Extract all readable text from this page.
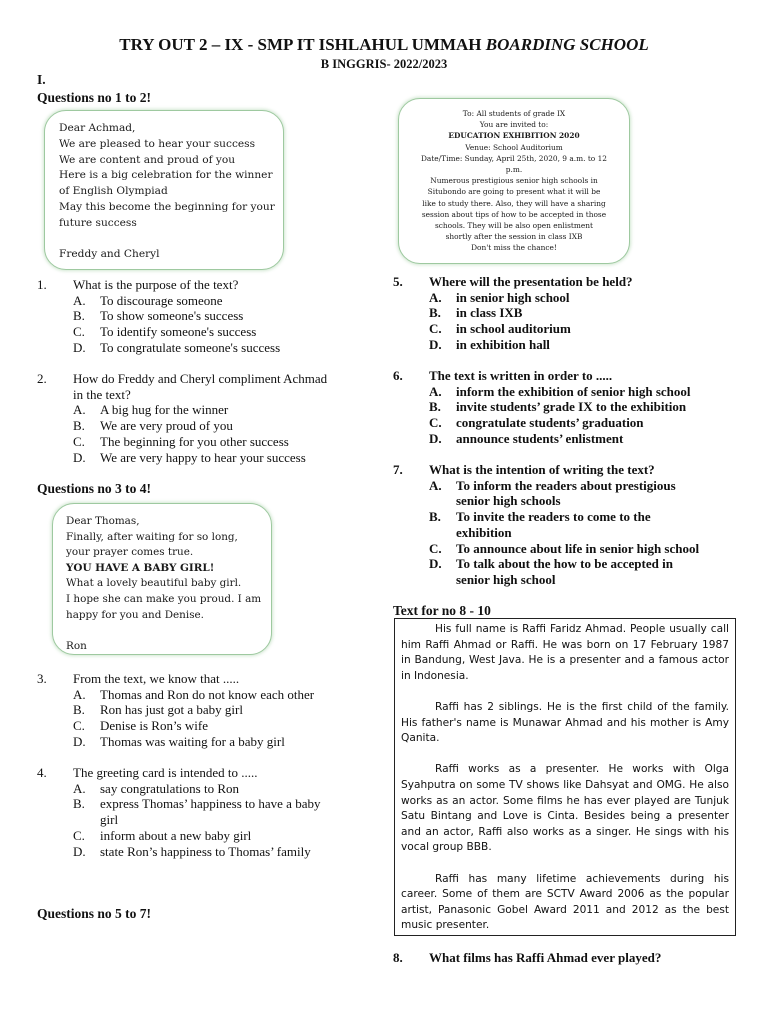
TRY OUT 2 – IX - SMP IT ISHLAHUL UMMAH BOARDING SCHOOL
B INGGRIS- 2022/2023
I.
Questions no 1 to 2!
Dear Achmad,
We are pleased to hear your success
We are content and proud of you
Here is a big celebration for the winner
of English Olympiad
May this become the beginning for your
future success

Freddy and Cheryl
To: All students of grade IX
You are invited to:
EDUCATION EXHIBITION 2020
Venue: School Auditorium
Date/Time: Sunday, April 25th, 2020, 9 a.m. to 12
p.m.
Numerous prestigious senior high schools in
Situbondo are going to present what it will be
like to study there. Also, they will have a sharing
session about tips of how to be accepted in those
schools. They will be also open enlistment
shortly after the session in class IXB
Don't miss the chance!
1. What is the purpose of the text?
A. To discourage someone
B. To show someone's success
C. To identify someone's success
D. To congratulate someone's success
2. How do Freddy and Cheryl compliment Achmad
in the text?
A. A big hug for the winner
B. We are very proud of you
C. The beginning for you other success
D. We are very happy to hear your success
Questions no 3 to 4!
Dear Thomas,
Finally, after waiting for so long,
your prayer comes true.
YOU HAVE A BABY GIRL!
What a lovely beautiful baby girl.
I hope she can make you proud. I am
happy for you and Denise.

Ron
3. From the text, we know that .....
A. Thomas and Ron do not know each other
B. Ron has just got a baby girl
C. Denise is Ron’s wife
D. Thomas was waiting for a baby girl
4. The greeting card is intended to .....
A. say congratulations to Ron
B. express Thomas’ happiness to have a baby
girl
C. inform about a new baby girl
D. state Ron’s happiness to Thomas’ family
Questions no 5 to 7!
5. Where will the presentation be held?
A. in senior high school
B. in class IXB
C. in school auditorium
D. in exhibition hall
6. The text is written in order to .....
A. inform the exhibition of senior high school
B. invite students’ grade IX to the exhibition
C. congratulate students’ graduation
D. announce students’ enlistment
7. What is the intention of writing the text?
A. To inform the readers about prestigious
senior high schools
B. To invite the readers to come to the
exhibition
C. To announce about life in senior high school
D. To talk about the how to be accepted in
senior high school
Text for no 8 - 10

His full name is Raffi Faridz Ahmad. People usually call him Raffi Ahmad or Raffi. He was born on 17 February 1987 in Bandung, West Java. He is a presenter and a famous actor in Indonesia.

Raffi has 2 siblings. He is the first child of the family. His father's name is Munawar Ahmad and his mother is Amy Qanita.

Raffi works as a presenter. He works with Olga Syahputra on some TV shows like Dahsyat and OMG. He also works as an actor. Some films he has ever played are Tunjuk Satu Bintang and Love is Cinta. Besides being a presenter and an actor, Raffi also works as a singer. He sings with his vocal group BBB.

Raffi has many lifetime achievements during his career. Some of them are SCTV Award 2006 as the popular artist, Panasonic Gobel Award 2011 and 2012 as the best music presenter.

8. What films has Raffi Ahmad ever played?
